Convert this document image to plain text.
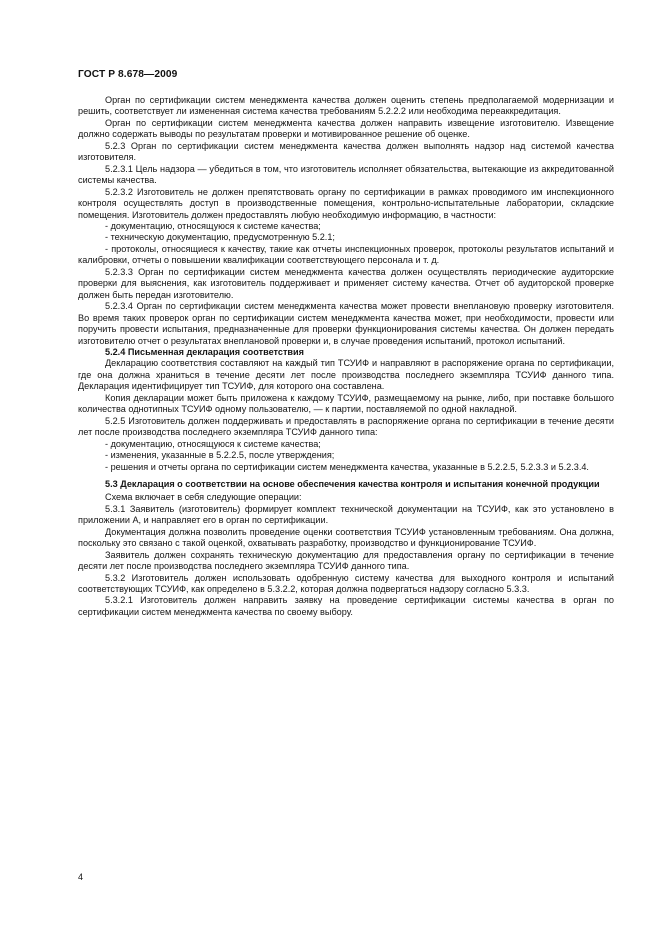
ГОСТ Р 8.678—2009

Орган по сертификации систем менеджмента качества должен оценить степень предполагаемой модернизации и решить, соответствует ли измененная система качества требованиям 5.2.2.2 или необходима переаккредитация.

Орган по сертификации систем менеджмента качества должен направить извещение изготовителю. Извещение должно содержать выводы по результатам проверки и мотивированное решение об оценке.

5.2.3 Орган по сертификации систем менеджмента качества должен выполнять надзор над системой качества изготовителя.

5.2.3.1 Цель надзора — убедиться в том, что изготовитель исполняет обязательства, вытекающие из аккредитованной системы качества.

5.2.3.2 Изготовитель не должен препятствовать органу по сертификации в рамках проводимого им инспекционного контроля осуществлять доступ в производственные помещения, контрольно-испытательные лаборатории, складские помещения. Изготовитель должен предоставлять любую необходимую информацию, в частности:

- документацию, относящуюся к системе качества;

- техническую документацию, предусмотренную 5.2.1;

- протоколы, относящиеся к качеству, такие как отчеты инспекционных проверок, протоколы результатов испытаний и калибровки, отчеты о повышении квалификации соответствующего персонала и т. д.

5.2.3.3 Орган по сертификации систем менеджмента качества должен осуществлять периодические аудиторские проверки для выяснения, как изготовитель поддерживает и применяет систему качества. Отчет об аудиторской проверке должен быть передан изготовителю.

5.2.3.4 Орган по сертификации систем менеджмента качества может провести внеплановую проверку изготовителя. Во время таких проверок орган по сертификации систем менеджмента качества может, при необходимости, провести или поручить провести испытания, предназначенные для проверки функционирования системы качества. Он должен передать изготовителю отчет о результатах внеплановой проверки и, в случае проведения испытаний, протокол испытаний.

5.2.4 Письменная декларация соответствия

Декларацию соответствия составляют на каждый тип ТСУИФ и направляют в распоряжение органа по сертификации, где она должна храниться в течение десяти лет после производства последнего экземпляра ТСУИФ данного типа. Декларация идентифицирует тип ТСУИФ, для которого она составлена.

Копия декларации может быть приложена к каждому ТСУИФ, размещаемому на рынке, либо, при поставке большого количества однотипных ТСУИФ одному пользователю, — к партии, поставляемой по одной накладной.

5.2.5 Изготовитель должен поддерживать и предоставлять в распоряжение органа по сертификации в течение десяти лет после производства последнего экземпляра ТСУИФ данного типа:

- документацию, относящуюся к системе качества;

- изменения, указанные в 5.2.2.5, после утверждения;

- решения и отчеты органа по сертификации систем менеджмента качества, указанные в 5.2.2.5, 5.2.3.3 и 5.2.3.4.

5.3 Декларация о соответствии на основе обеспечения качества контроля и испытания конечной продукции

Схема включает в себя следующие операции:

5.3.1 Заявитель (изготовитель) формирует комплект технической документации на ТСУИФ, как это установлено в приложении А, и направляет его в орган по сертификации.

Документация должна позволить проведение оценки соответствия ТСУИФ установленным требованиям. Она должна, поскольку это связано с такой оценкой, охватывать разработку, производство и функционирование ТСУИФ.

Заявитель должен сохранять техническую документацию для предоставления органу по сертификации в течение десяти лет после производства последнего экземпляра ТСУИФ данного типа.

5.3.2 Изготовитель должен использовать одобренную систему качества для выходного контроля и испытаний соответствующих ТСУИФ, как определено в 5.3.2.2, которая должна подвергаться надзору согласно 5.3.3.

5.3.2.1 Изготовитель должен направить заявку на проведение сертификации системы качества в орган по сертификации систем менеджмента качества по своему выбору.

4
